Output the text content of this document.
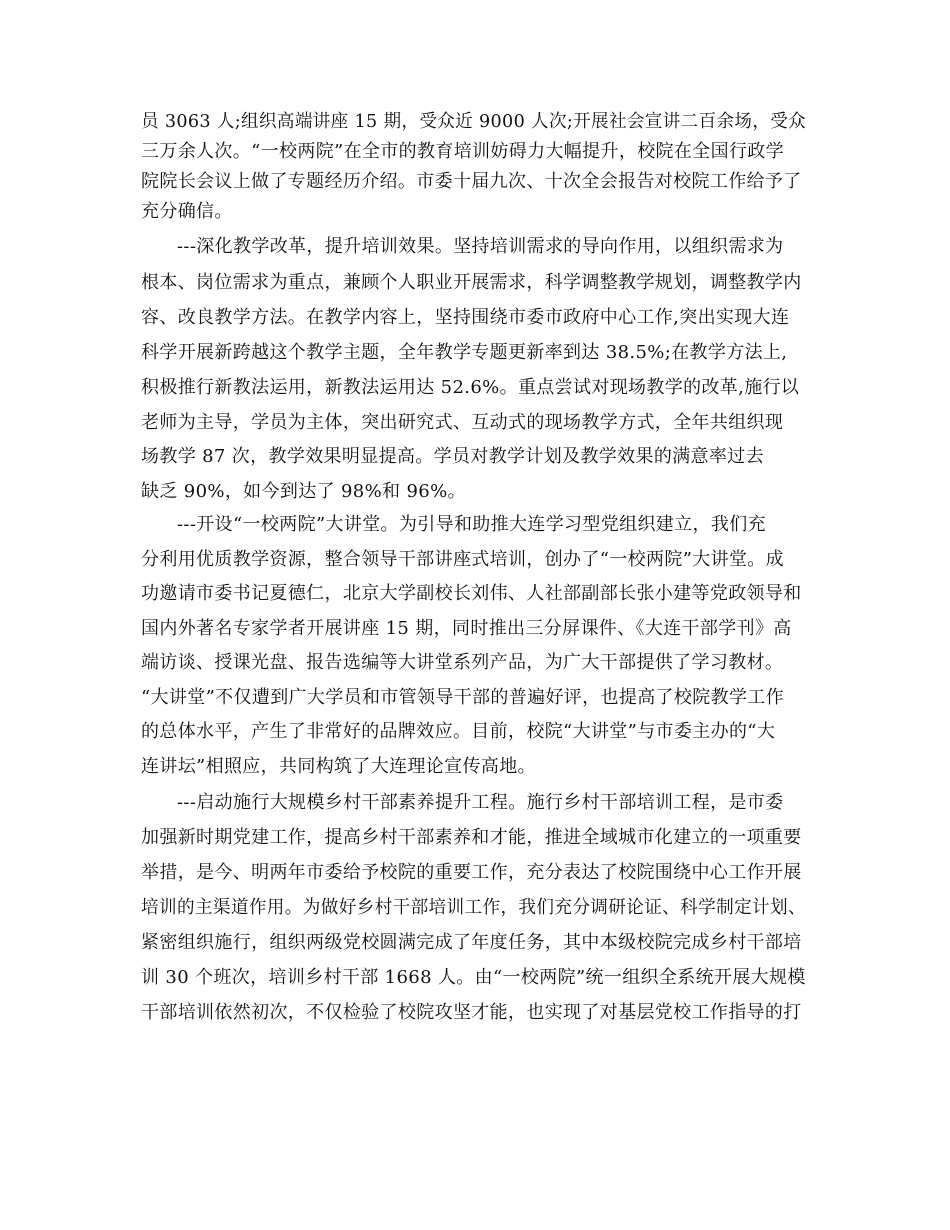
员 3063 人;组织高端讲座 15 期，受众近 9000 人次;开展社会宣讲二百余场，受众
三万余人次。“一校两院”在全市的教育培训妨碍力大幅提升，校院在全国行政学
院院长会议上做了专题经历介绍。市委十届九次、十次全会报告对校院工作给予了
充分确信。
---深化教学改革，提升培训效果。坚持培训需求的导向作用，以组织需求为
根本、岗位需求为重点，兼顾个人职业开展需求，科学调整教学规划，调整教学内
容、改良教学方法。在教学内容上，坚持围绕市委市政府中心工作,突出实现大连
科学开展新跨越这个教学主题，全年教学专题更新率到达 38.5%;在教学方法上,
积极推行新教法运用，新教法运用达 52.6%。重点尝试对现场教学的改革,施行以
老师为主导，学员为主体，突出研究式、互动式的现场教学方式，全年共组织现
场教学 87 次，教学效果明显提高。学员对教学计划及教学效果的满意率过去
缺乏 90%，如今到达了 98%和 96%。
---开设“一校两院”大讲堂。为引导和助推大连学习型党组织建立，我们充
分利用优质教学资源，整合领导干部讲座式培训，创办了“一校两院”大讲堂。成
功邀请市委书记夏德仁，北京大学副校长刘伟、人社部副部长张小建等党政领导和
国内外著名专家学者开展讲座 15 期，同时推出三分屏课件、《大连干部学刊》高
端访谈、授课光盘、报告选编等大讲堂系列产品，为广大干部提供了学习教材。
“大讲堂”不仅遭到广大学员和市管领导干部的普遍好评，也提高了校院教学工作
的总体水平，产生了非常好的品牌效应。目前，校院“大讲堂”与市委主办的“大
连讲坛”相照应，共同构筑了大连理论宣传高地。
---启动施行大规模乡村干部素养提升工程。施行乡村干部培训工程，是市委
加强新时期党建工作，提高乡村干部素养和才能，推进全域城市化建立的一项重要
举措，是今、明两年市委给予校院的重要工作，充分表达了校院围绕中心工作开展
培训的主渠道作用。为做好乡村干部培训工作，我们充分调研论证、科学制定计划、
紧密组织施行，组织两级党校圆满完成了年度任务，其中本级校院完成乡村干部培
训 30 个班次，培训乡村干部 1668 人。由“一校两院”统一组织全系统开展大规模
干部培训依然初次，不仅检验了校院攻坚才能，也实现了对基层党校工作指导的打
